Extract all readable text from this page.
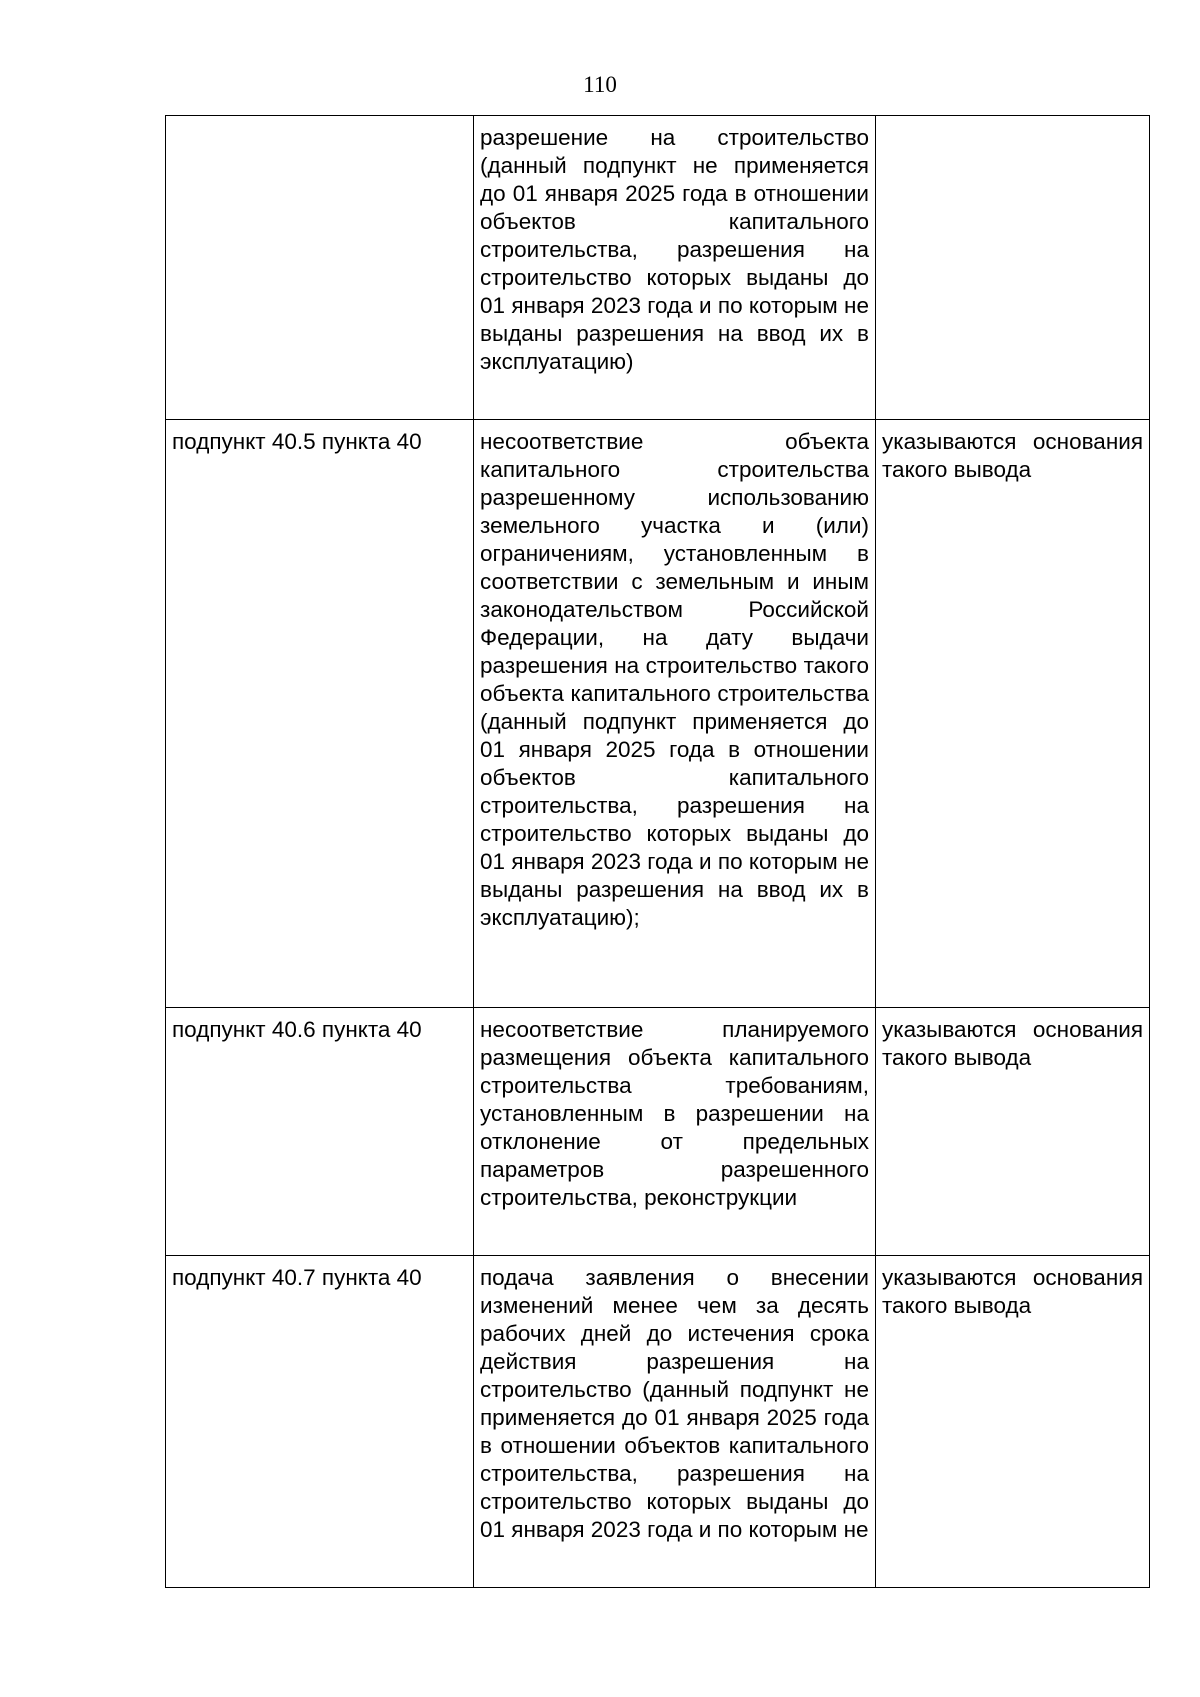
110
	разрешение на строительство (данный подпункт не применяется до 01 января 2025 года в отношении объектов капитального строительства, разрешения на строительство которых выданы до 01 января 2023 года и по которым не выданы разрешения на ввод их в эксплуатацию)	
подпункт 40.5 пункта 40	несоответствие объекта капитального строительства разрешенному использованию земельного участка и (или) ограничениям, установленным в соответствии с земельным и иным законодательством Российской Федерации, на дату выдачи разрешения на строительство такого объекта капитального строительства (данный подпункт применяется до 01 января 2025 года в отношении объектов капитального строительства, разрешения на строительство которых выданы до 01 января 2023 года и по которым не выданы разрешения на ввод их в эксплуатацию);	указываются основания такого вывода
подпункт 40.6 пункта 40	несоответствие планируемого размещения объекта капитального строительства требованиям, установленным в разрешении на отклонение от предельных параметров разрешенного строительства, реконструкции	указываются основания такого вывода
подпункт 40.7 пункта 40	подача заявления о внесении изменений менее чем за десять рабочих дней до истечения срока действия разрешения на строительство (данный подпункт не применяется до 01 января 2025 года в отношении объектов капитального строительства, разрешения на строительство которых выданы до 01 января 2023 года и по которым не	указываются основания такого вывода
